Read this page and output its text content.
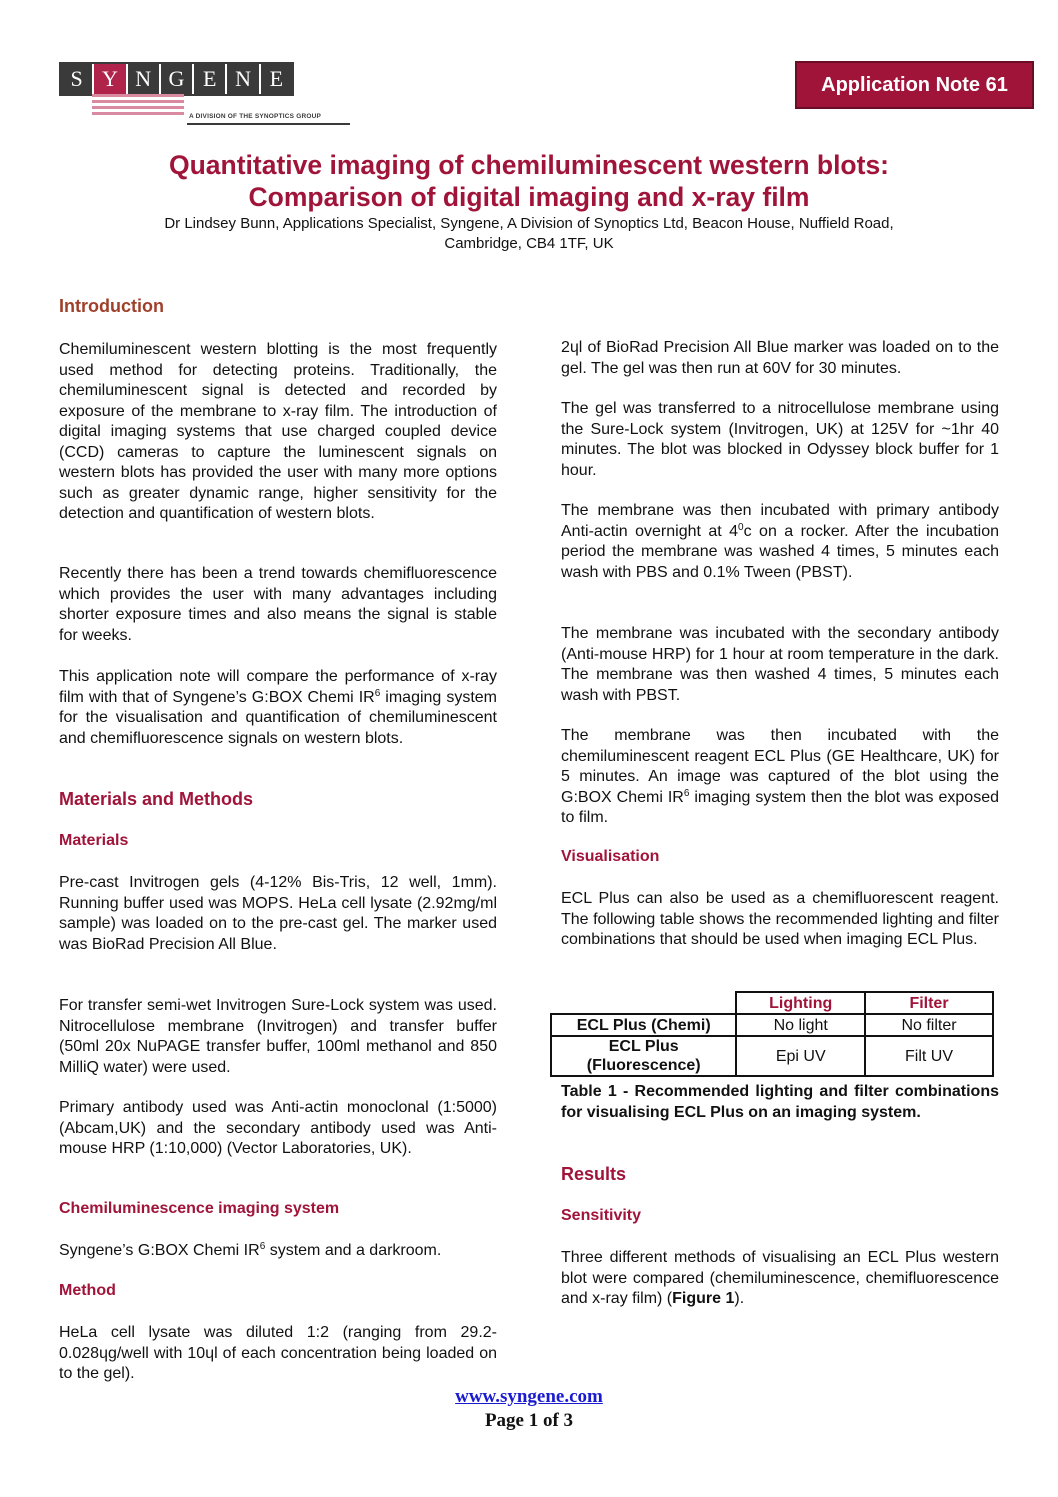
S Y N G E N E
A DIVISION OF THE SYNOPTICS GROUP
Application Note 61
Quantitative imaging of chemiluminescent western blots:
Comparison of digital imaging and x-ray film
Dr Lindsey Bunn, Applications Specialist, Syngene, A Division of Synoptics Ltd, Beacon House, Nuffield Road,
Cambridge, CB4 1TF, UK
Introduction
Chemiluminescent western blotting is the most frequently used method for detecting proteins. Traditionally, the chemiluminescent signal is detected and recorded by exposure of the membrane to x-ray film. The introduction of digital imaging systems that use charged coupled device (CCD) cameras to capture the luminescent signals on western blots has provided the user with many more options such as greater dynamic range, higher sensitivity for the detection and quantification of western blots.
Recently there has been a trend towards chemifluorescence which provides the user with many advantages including shorter exposure times and also means the signal is stable for weeks.
This application note will compare the performance of x-ray film with that of Syngene’s G:BOX Chemi $IR^6$ imaging system for the visualisation and quantification of chemiluminescent and chemifluorescence signals on western blots.
Materials and Methods
Materials
Pre-cast Invitrogen gels (4-12% Bis-Tris, 12 well, 1mm). Running buffer used was MOPS. HeLa cell lysate (2.92mg/ml sample) was loaded on to the pre-cast gel. The marker used was BioRad Precision All Blue.
For transfer semi-wet Invitrogen Sure-Lock system was used. Nitrocellulose membrane (Invitrogen) and transfer buffer (50ml 20x NuPAGE transfer buffer, 100ml methanol and 850 MilliQ water) were used.
Primary antibody used was Anti-actin monoclonal (1:5000) (Abcam,UK) and the secondary antibody used was Anti-mouse HRP (1:10,000) (Vector Laboratories, UK).
Chemiluminescence imaging system
Syngene’s G:BOX Chemi $IR^6$ system and a darkroom.
Method
HeLa cell lysate was diluted 1:2 (ranging from 29.2-0.028ɥg/well with 10ɥl of each concentration being loaded on to the gel).
2ɥl of BioRad Precision All Blue marker was loaded on to the gel. The gel was then run at 60V for 30 minutes.
The gel was transferred to a nitrocellulose membrane using the Sure-Lock system (Invitrogen, UK) at 125V for ~1hr 40 minutes. The blot was blocked in Odyssey block buffer for 1 hour.
The membrane was then incubated with primary antibody Anti-actin overnight at $4^0c$ on a rocker. After the incubation period the membrane was washed 4 times, 5 minutes each wash with PBS and 0.1% Tween (PBST).
The membrane was incubated with the secondary antibody (Anti-mouse HRP) for 1 hour at room temperature in the dark. The membrane was then washed 4 times, 5 minutes each wash with PBST.
The membrane was then incubated with the chemiluminescent reagent ECL Plus (GE Healthcare, UK) for 5 minutes. An image was captured of the blot using the G:BOX Chemi $IR^6$ imaging system then the blot was exposed to film.
Visualisation
ECL Plus can also be used as a chemifluorescent reagent. The following table shows the recommended lighting and filter combinations that should be used when imaging ECL Plus.
	Lighting	Filter
ECL Plus (Chemi)	No light	No filter

ECL Plus
(Fluorescence)	Epi UV	Filt UV
Table 1 - Recommended lighting and filter combinations for visualising ECL Plus on an imaging system.
Results
Sensitivity
Three different methods of visualising an ECL Plus western blot were compared (chemiluminescence, chemifluorescence and x-ray film) (Figure 1).
www.syngene.com
Page 1 of 3
